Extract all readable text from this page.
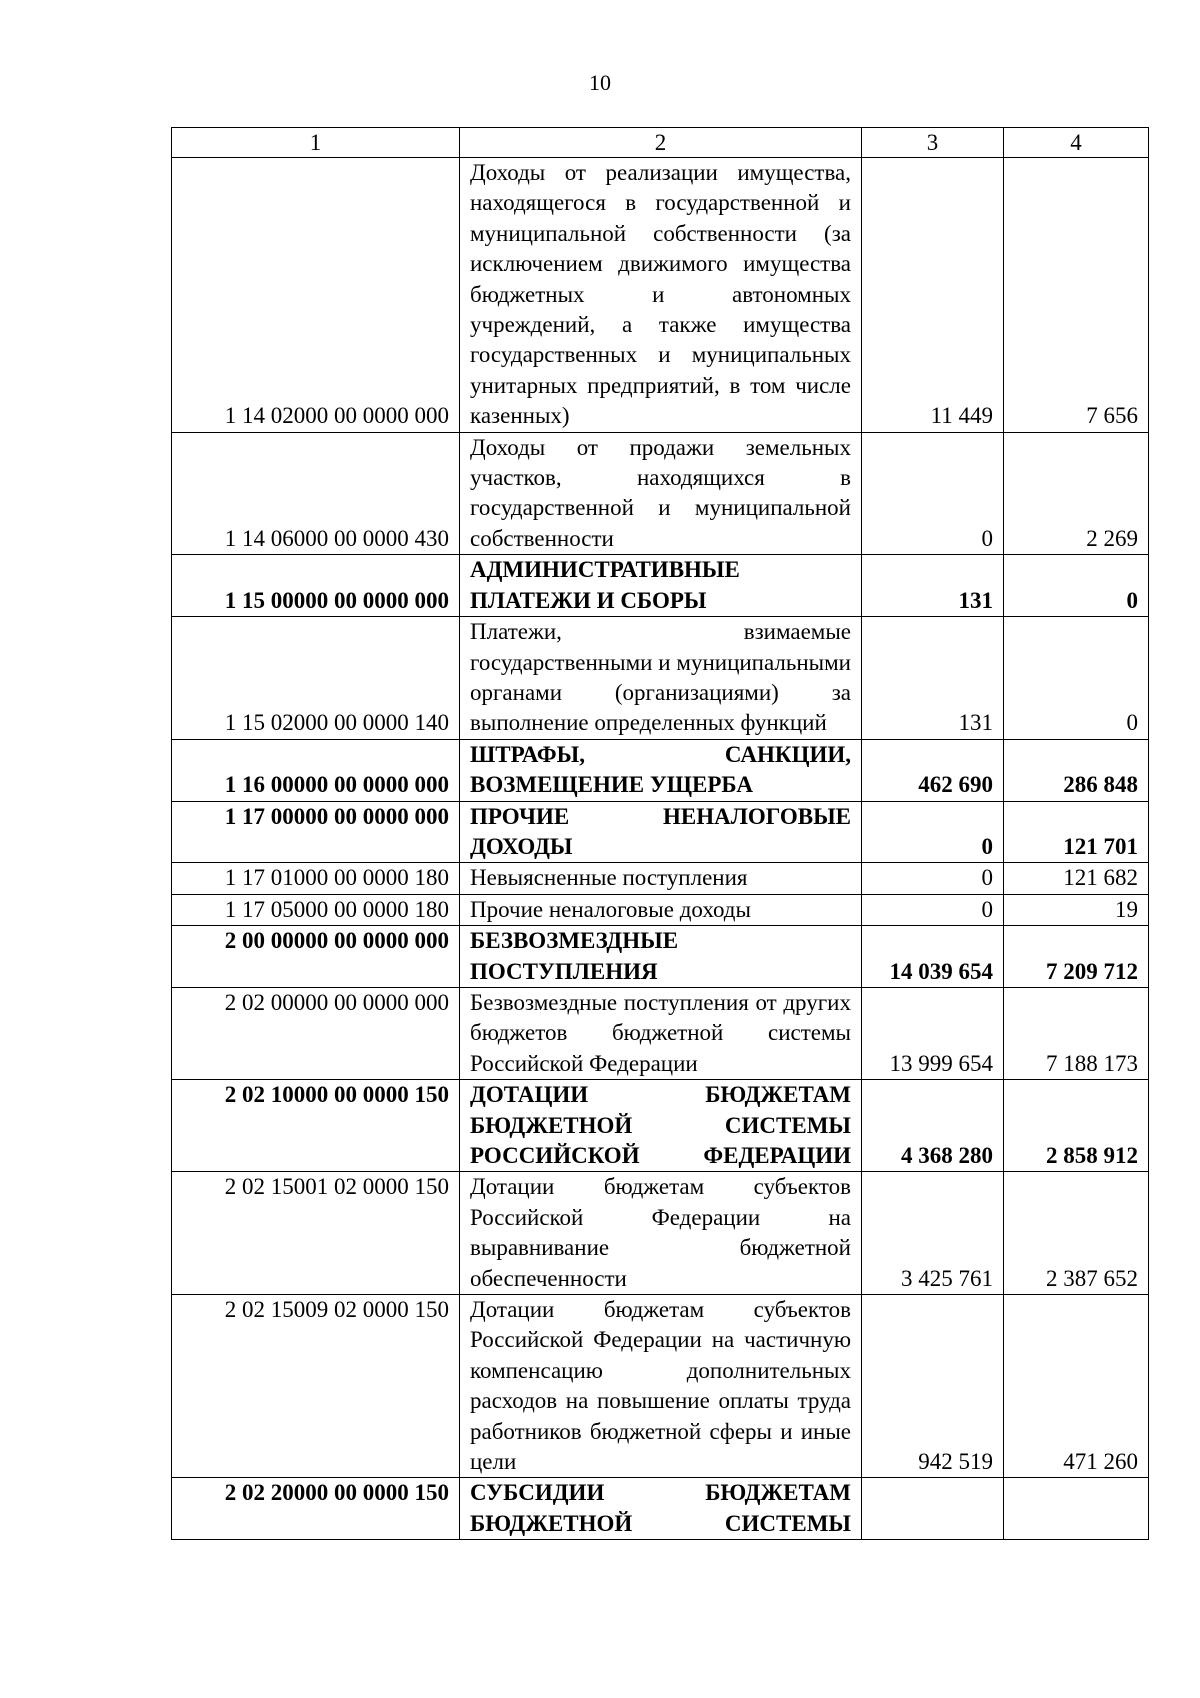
10
1	2	3	4
1 14 02000 00 0000 000	Доходы от реализации имущества, находящегося в государственной и муниципальной собственности (за исключением движимого имущества бюджетных и автономных учреждений, а также имущества государственных и муниципальных унитарных предприятий, в том числе казенных)	11 449	7 656
1 14 06000 00 0000 430	Доходы от продажи земельных участков, находящихся в государственной и муниципальной собственности	0	2 269
1 15 00000 00 0000 000	АДМИНИСТРАТИВНЫЕ ПЛАТЕЖИ И СБОРЫ	131	0
1 15 02000 00 0000 140	Платежи, взимаемые государственными и муниципальными органами (организациями) за выполнение определенных функций	131	0
1 16 00000 00 0000 000	ШТРАФЫ, САНКЦИИ, ВОЗМЕЩЕНИЕ УЩЕРБА	462 690	286 848
1 17 00000 00 0000 000	ПРОЧИЕ НЕНАЛОГОВЫЕ ДОХОДЫ	0	121 701
1 17 01000 00 0000 180	Невыясненные поступления	0	121 682
1 17 05000 00 0000 180	Прочие неналоговые доходы	0	19
2 00 00000 00 0000 000	БЕЗВОЗМЕЗДНЫЕ ПОСТУПЛЕНИЯ	14 039 654	7 209 712
2 02 00000 00 0000 000	Безвозмездные поступления от других бюджетов бюджетной системы Российской Федерации	13 999 654	7 188 173
2 02 10000 00 0000 150	ДОТАЦИИ БЮДЖЕТАМ БЮДЖЕТНОЙ СИСТЕМЫ РОССИЙСКОЙ ФЕДЕРАЦИИ	4 368 280	2 858 912
2 02 15001 02 0000 150	Дотации бюджетам субъектов Российской Федерации на выравнивание бюджетной обеспеченности	3 425 761	2 387 652
2 02 15009 02 0000 150	Дотации бюджетам субъектов Российской Федерации на частичную компенсацию дополнительных расходов на повышение оплаты труда работников бюджетной сферы и иные цели	942 519	471 260
2 02 20000 00 0000 150	СУБСИДИИ БЮДЖЕТАМ БЮДЖЕТНОЙ СИСТЕМЫ		
